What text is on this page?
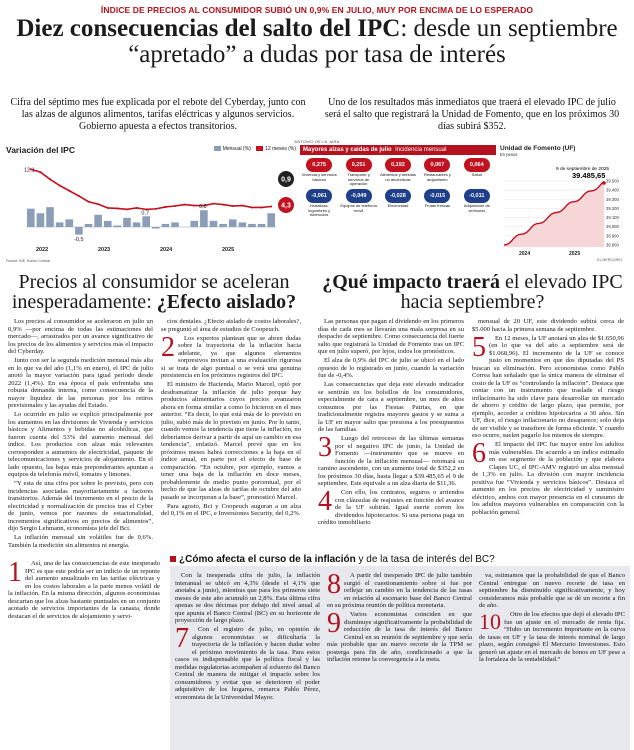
ÍNDICE DE PRECIOS AL CONSUMIDOR SUBIÓ UN 0,9% EN JULIO, MUY POR ENCIMA DE LO ESPERADO
Diez consecuencias del salto del IPC: desde un septiembre “apretado” a dudas por tasa de interés
Cifra del séptimo mes fue explicada por el rebote del Cyberday, junto con las alzas de algunos alimentos, tarifas eléctricas y algunos servicios. Gobierno apuesta a efectos transitorios.
Uno de los resultados más inmediatos que traerá el elevado IPC de julio será el salto que registrará la Unidad de Fomento, que en los próximos 30 días subirá $352.
ANTONIO DE LA JARA
Variación del IPC	Mensual (%)	12 meses (%)
12,1
0,9
4,3
-0,5
0,8
0,7
2022	2023	2024	2025
Fuente: INE, Banco Central
Mayores alzas y caídas de julio Incidencia mensual
0,275
Vivienda y servicios básicos
0,251
Transporte y servicios de operación
0,192
Alimentos y bebidas no alcohólicas
0,067
Restaurantes y alojamiento
0,064
Salud
-0,061
Hortalizas, legumbres y tubérculos
-0,049
Equipos de telefonía móvil
-0,028
Electricidad
-0,015
Frutas frescas
-0,011
Adquisición de vehículos
Unidad de Fomento (UF)
En pesos
9 de septiembre de 2025
39.485,65
39.500
39.400
39.300
39.200
39.100
39.000
38.900
38.800
2024	2025
EL MERCURIO
Precios al consumidor se aceleran inesperadamente: ¿Efecto aislado?
¿Qué impacto traerá el elevado IPC hacia septiembre?

Los precios al consumidor se aceleraron en julio un 0,9% —por encima de todas las estimaciones del mercado—, arrastrados por un avance significativo de los precios de los alimentos y servicios más el impacto del Cyberday.

Junto con ser la segunda medición mensual más alta en lo que va del año (1,1% en enero), el IPC de julio anotó la mayor variación para igual período desde 2022 (1,4%). En esa época el país enfrentaba una robusta demanda interna, como consecuencia de la mayor liquidez de las personas por los retiros previsionales y las ayudas del Estado.

Lo ocurrido en julio se explicó principalmente por los aumentos en las divisiones de Vivienda y servicios básicos y Alimentos y bebidas no alcohólicas, que fueron cuenta del 53% del aumento mensual del índice. Los productos con alzas más relevantes corresponden a aumentos de electricidad, paquete de telecomunicaciones y servicios de alojamiento. En el lado opuesto, las bajas más preponderantes apuntan a equipos de telefonía móvil, tomates y limones.

“Y esta de una cifra por sobre lo previsto, pero con incidencias asociadas mayoritariamente a factores transitorios. Además del incremento en el precio de la electricidad y normalización de precios tras el Cyber de junio, vemos por razones de estacionalidad, incrementos significativos en precios de alimentos”, dijo Sergio Lehmann, economista jefe del Bci.

La inflación mensual sin volátiles fue de 0,6%. También la medición sin alimentos ni energía.

cios dentales. ¿Efecto aislado de costos laborales?, se preguntó el área de estudios de Coopeuch.

2	Los expertos plantean que se abren dudas sobre la trayectoria de la inflación hacia adelante, ya que algunos elementos sorpresivos invitan a una evaluación rigurosa si se trata de algo puntual o se verá una genuina persistencia en los próximos registros del IPC.

El ministro de Hacienda, Mario Marcel, optó por desdramatizar la inflación de julio porque hay productos alimentarios cuyos precios avanzaron ahora en forma similar a como lo hicieron en el mes anterior. “Es decir, lo que está más de lo previsto en julio, subió más de lo previsto en junio. Por lo tanto, cuando vemos la tendencia que tiene la inflación, no deberíamos derivar a partir de aquí un cambio en esa tendencia”, enfatizó. Marcel prevé que en los próximos meses habrá correcciones a la baja en el índice anual, en parte por el efecto de base de comparación. “En octubre, por ejemplo, vamos a tener una baja de la inflación en doce meses, probablemente de medio punto porcentual, por el hecho de que las alzas de tarifas de octubre del año pasado se incorporan a la base”, pronosticó Marcel.

Para agosto, Bci y Coopeuch auguran a un alza del 0,1% en el IPC, e Inversiones Security, del 0,2%.

Las personas que pagan el dividendo en los primeros días de cada mes se llevarán una mala sorpresa en su despacho de septiembre. Como consecuencia del fuerte salto que registrará la Unidad de Fomento tras un IPC que en julio superó, por lejos, todos los pronósticos.

El alza de 0,9% del IPC de julio se ubicó en el lado opuesto de lo registrado en junio, cuando la variación fue de -0,4%.

Las consecuencias que deja este elevado indicador se sentirán en los bolsillos de los consumidores, especialmente de cara a septiembre, un mes de altos consumos por las Fiestas Patrias, en que tradicionalmente registra mayores gastos y se suma a la UF en mayor salto que presiona a los presupuestos de las familias.

3	Luego del retroceso de las últimas semanas por el negativo IPC de junio, la Unidad de Fomento —instrumento que se mueve en función de la inflación mensual— retomará su camino ascendente, con un aumento total de $352,2 en los próximos 30 días, hasta llegar a $39.485,65 el 9 de septiembre. Este equivale a un alza diaria de $11,36.

4	Con ello, los contratos, seguros o arriendos con cláusulas de reajustes en función del avance de la UF subirán. Igual suerte corren los dividendos hipotecarios. Si una persona paga un crédito inmobiliario

mensual de 20 UF, este dividendo subirá cerca de $5.000 hacia la primera semana de septiembre.

5	En 12 meses, la UF anotará un alza de $1.650,96 (en lo que va del año a septiembre será de $1.068,96). El incremento de la UF se conoce justo en momentos en que dos diputadas del PS buscan su eliminación. Pero economistas como Pablo Correa han señalado que la única manera de eliminar el costo de la UF es “controlando la inflación”. Destaca que contar con un instrumento que traslade el riesgo inflacionario ha sido clave para desarrollar un mercado de ahorro y crédito de largo plazo, que permite, por ejemplo, acceder a créditos hipotecarios a 30 años. Sin UF, dice, el riesgo inflacionario no desaparece; solo deja de ser visible y se transfiere de forma eficiente. Y cuando eso ocurre, suelen pagarlo los mismos de siempre.

6	El impacto del IPC fue mayor entre los adultos más vulnerables. De acuerdo a un índice estimado en ese segmento de la población y que elabora Clapes UC, el IPC-AMV registró un alza mensual de 1,3% en julio. La división con mayor incidencia positiva fue “Vivienda y servicios básicos”. Destaca el aumento en los precios de electricidad y suministro eléctrico, ambos con mayor presencia en el consumo de los adultos mayores vulnerables en comparación con la población general.

1	Así, una de las consecuencias de este inesperado IPC es que este podría ser un indicio de un repunte del aumento anualizado en las tarifas eléctricas y en los costos laborales a la parte menos volátil de la inflación. En la misma dirección, algunos economistas descartan que los alzas bastante puntuales en un conjunto acotado de servicios importantes de la canasta, donde destacan el de servicios de alojamiento y servi-

¿Cómo afecta el curso de la inflación y de la tasa de interés del BC?

Con la inesperada cifra de julio, la inflación interanual se ubicó en 4,3% (desde el 4,1% que anotaba a junio), mientras que para los primeros siete meses de este año acumuló un 2,8%. Esta última cifra apenas se dos décimas por debajo del nivel anual al que apunta el Banco Central (BC) en su horizonte de proyección de largo plazo.

7	Con el registro de julio, en opinión de algunos economistas se dificultaría la trayectoria de la inflación y hacen dudar sobre el próximo movimiento de la tasa. Para estos casos es indispensable que la política fiscal y las medidas regulatorias acompañen al esfuerzo del Banco Central de manera de mitigar el impacto sobre los consumidores y evitar que se deterioren el poder adquisitivo de los hogares, remarca Pablo Pérez, economista de la Universidad Mayor.

8	A partir del inesperado IPC de julio también surgió el cuestionamiento sobre si fue por reflejar un cambio en la tendencia de las tasas en relación al escenario base del Banco Central en su próxima reunión de política monetaria.

9	Varios economistas coinciden en que disminuye significativamente la probabilidad de reducción de la tasa de interés del Banco Central en su reunión de septiembre y que sería más probable que un nuevo recorte de la TPM se posterga para fin de año, condicionado a que la inflación retome la convergencia a la meta.

va, estimamos que la probabilidad de que el Banco Central entregue un nuevo recorte de tasa en septiembre ha disminuido significativamente, y hoy consideramos más probable que se dé un recorte a fin de año.

10	Otro de los efectos que dejó el elevado IPC fue un ajuste en el mercado de renta fija. “Hubo un incremento importante en la curva de tasas en UF y la tasa de interés nominal de largo plazo, según consignó El Mercurio Inversiones. Esto generó un ajuste en el mercado de bonos en UF pese a la fortaleza de la rentabilidad.”
